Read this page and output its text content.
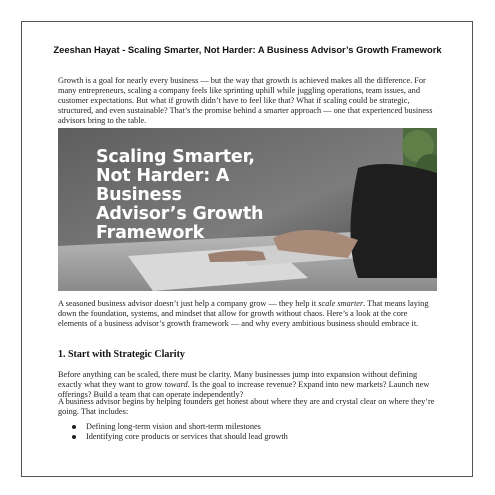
Zeeshan Hayat - Scaling Smarter, Not Harder: A Business Advisor’s Growth Framework

Growth is a goal for nearly every business — but the way that growth is achieved makes all the difference. For many entrepreneurs, scaling a company feels like sprinting uphill while juggling operations, team issues, and customer expectations. But what if growth didn’t have to feel like that? What if scaling could be strategic, structured, and even sustainable? That’s the promise behind a smarter approach — one that experienced business advisors bring to the table.

Scaling Smarter,
Not Harder: A
Business
Advisor’s Growth
Framework

A seasoned business advisor doesn’t just help a company grow — they help it scale smarter. That means laying down the foundation, systems, and mindset that allow for growth without chaos. Here’s a look at the core elements of a business advisor’s growth framework — and why every ambitious business should embrace it.

1. Start with Strategic Clarity

Before anything can be scaled, there must be clarity. Many businesses jump into expansion without defining exactly what they want to grow toward. Is the goal to increase revenue? Expand into new markets? Launch new offerings? Build a team that can operate independently?

A business advisor begins by helping founders get honest about where they are and crystal clear on where they’re going. That includes:

Defining long-term vision and short-term milestones
Identifying core products or services that should lead growth
